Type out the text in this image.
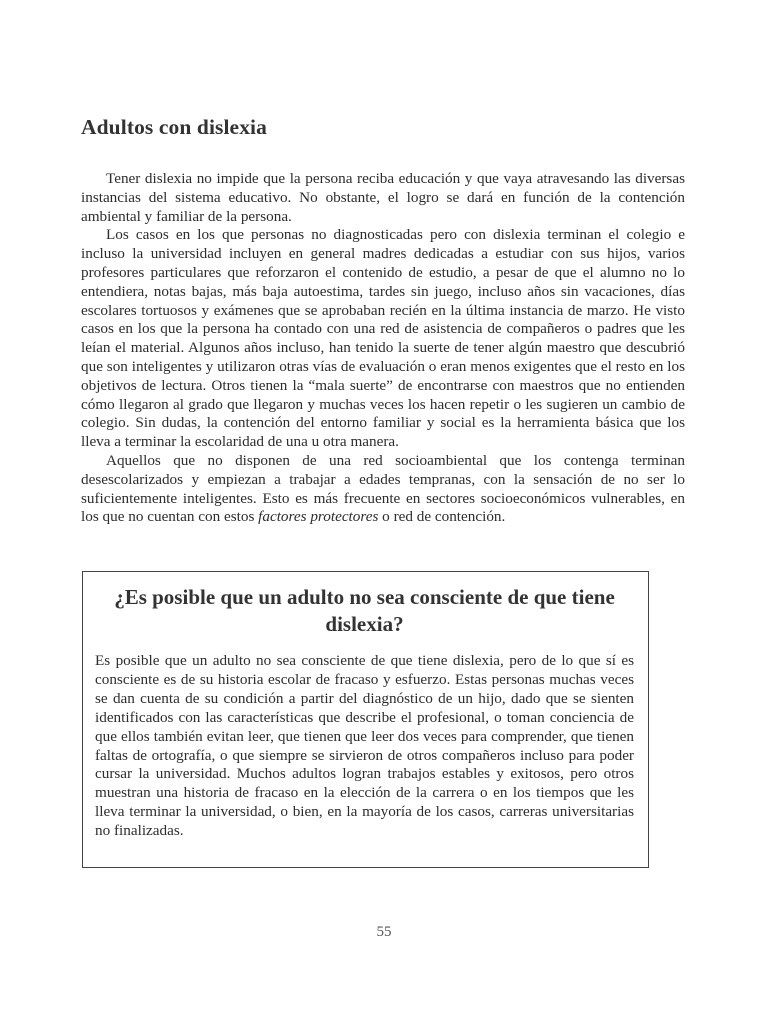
Adultos con dislexia

Tener dislexia no impide que la persona reciba educación y que vaya atravesando las diversas instancias del sistema educativo. No obstante, el logro se dará en función de la contención ambiental y familiar de la persona.

Los casos en los que personas no diagnosticadas pero con dislexia terminan el colegio e incluso la universidad incluyen en general madres dedicadas a estudiar con sus hijos, varios profesores particulares que reforzaron el contenido de estudio, a pesar de que el alumno no lo entendiera, notas bajas, más baja autoestima, tardes sin juego, incluso años sin vacaciones, días escolares tortuosos y exámenes que se aprobaban recién en la última instancia de marzo. He visto casos en los que la persona ha contado con una red de asistencia de compañeros o padres que les leían el material. Algunos años incluso, han tenido la suerte de tener algún maestro que descubrió que son inteligentes y utilizaron otras vías de evaluación o eran menos exigentes que el resto en los objetivos de lectura. Otros tienen la “mala suerte” de encontrarse con maestros que no entienden cómo llegaron al grado que llegaron y muchas veces los hacen repetir o les sugieren un cambio de colegio. Sin dudas, la contención del entorno familiar y social es la herramienta básica que los lleva a terminar la escolaridad de una u otra manera.

Aquellos que no disponen de una red socioambiental que los contenga terminan desescolarizados y empiezan a trabajar a edades tempranas, con la sensación de no ser lo suficientemente inteligentes. Esto es más frecuente en sectores socioeconómicos vulnerables, en los que no cuentan con estos factores protectores o red de contención.

¿Es posible que un adulto no sea consciente de que tiene dislexia?

Es posible que un adulto no sea consciente de que tiene dislexia, pero de lo que sí es consciente es de su historia escolar de fracaso y esfuerzo. Estas personas muchas veces se dan cuenta de su condición a partir del diagnóstico de un hijo, dado que se sienten identificados con las características que describe el profesional, o toman conciencia de que ellos también evitan leer, que tienen que leer dos veces para comprender, que tienen faltas de ortografía, o que siempre se sirvieron de otros compañeros incluso para poder cursar la universidad. Muchos adultos logran trabajos estables y exitosos, pero otros muestran una historia de fracaso en la elección de la carrera o en los tiempos que les lleva terminar la universidad, o bien, en la mayoría de los casos, carreras universitarias no finalizadas.

55
